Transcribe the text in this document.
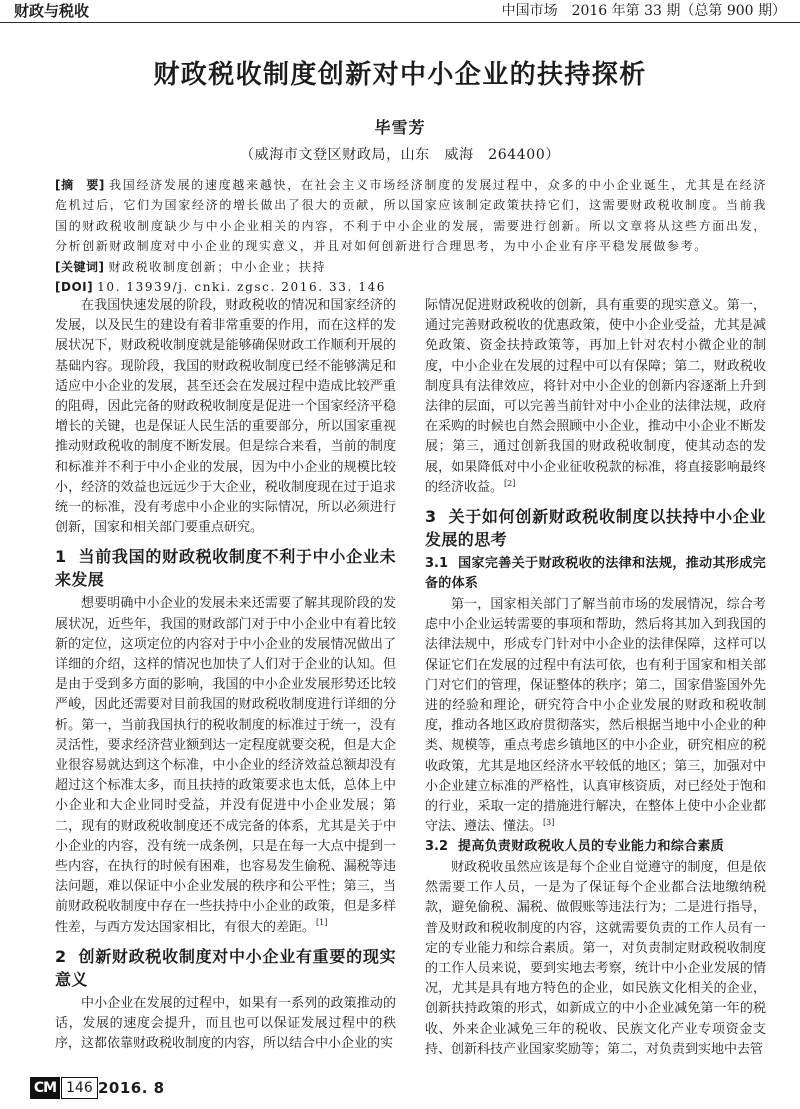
财政与税收	中国市场　2016 年第 33 期（总第 900 期）
财政税收制度创新对中小企业的扶持探析
毕雪芳
（威海市文登区财政局，山东　威海　264400）

[摘　要] 我国经济发展的速度越来越快，在社会主义市场经济制度的发展过程中，众多的中小企业诞生，尤其是在经济危机过后，它们为国家经济的增长做出了很大的贡献，所以国家应该制定政策扶持它们，这需要财政税收制度。当前我国的财政税收制度缺少与中小企业相关的内容，不利于中小企业的发展，需要进行创新。所以文章将从这些方面出发，分析创新财政制度对中小企业的现实意义，并且对如何创新进行合理思考，为中小企业有序平稳发展做参考。

[关键词] 财政税收制度创新；中小企业；扶持

[DOI] 10. 13939/j. cnki. zgsc. 2016. 33. 146

在我国快速发展的阶段，财政税收的情况和国家经济的发展，以及民生的建设有着非常重要的作用，而在这样的发展状况下，财政税收制度就是能够确保财政工作顺利开展的基础内容。现阶段，我国的财政税收制度已经不能够满足和适应中小企业的发展，甚至还会在发展过程中造成比较严重的阻碍，因此完备的财政税收制度是促进一个国家经济平稳增长的关键，也是保证人民生活的重要部分，所以国家重视推动财政税收的制度不断发展。但是综合来看，当前的制度和标准并不利于中小企业的发展，因为中小企业的规模比较小，经济的效益也远远少于大企业，税收制度现在过于追求统一的标准，没有考虑中小企业的实际情况，所以必须进行创新，国家和相关部门要重点研究。

1 当前我国的财政税收制度不利于中小企业未来发展

想要明确中小企业的发展未来还需要了解其现阶段的发展状况，近些年，我国的财政部门对于中小企业中有着比较新的定位，这项定位的内容对于中小企业的发展情况做出了详细的介绍，这样的情况也加快了人们对于企业的认知。但是由于受到多方面的影响，我国的中小企业发展形势还比较严峻，因此还需要对目前我国的财政税收制度进行详细的分析。第一，当前我国执行的税收制度的标准过于统一，没有灵活性，要求经济营业额到达一定程度就要交税，但是大企业很容易就达到这个标准，中小企业的经济效益总额却没有超过这个标准太多，而且扶持的政策要求也太低，总体上中小企业和大企业同时受益，并没有促进中小企业发展；第二，现有的财政税收制度还不成完备的体系，尤其是关于中小企业的内容，没有统一成条例，只是在每一大点中提到一些内容，在执行的时候有困难，也容易发生偷税、漏税等违法问题，难以保证中小企业发展的秩序和公平性；第三，当前财政税收制度中存在一些扶持中小企业的政策，但是多样性差，与西方发达国家相比，有很大的差距。[1]

2 创新财政税收制度对中小企业有重要的现实意义

中小企业在发展的过程中，如果有一系列的政策推动的话，发展的速度会提升，而且也可以保证发展过程中的秩序，这都依靠财政税收制度的内容，所以结合中小企业的实

际情况促进财政税收的创新，具有重要的现实意义。第一，通过完善财政税收的优惠政策，使中小企业受益，尤其是减免政策、资金扶持政策等，再加上针对农村小微企业的制度，中小企业在发展的过程中可以有保障；第二，财政税收制度具有法律效应，将针对中小企业的创新内容逐渐上升到法律的层面，可以完善当前针对中小企业的法律法规，政府在采购的时候也自然会照顾中小企业，推动中小企业不断发展；第三，通过创新我国的财政税收制度，使其动态的发展，如果降低对中小企业征收税款的标准，将直接影响最终的经济收益。[2]

3 关于如何创新财政税收制度以扶持中小企业发展的思考
3.1 国家完善关于财政税收的法律和法规，推动其形成完备的体系

第一，国家相关部门了解当前市场的发展情况，综合考虑中小企业运转需要的事项和帮助，然后将其加入到我国的法律法规中，形成专门针对中小企业的法律保障，这样可以保证它们在发展的过程中有法可依，也有利于国家和相关部门对它们的管理，保证整体的秩序；第二，国家借鉴国外先进的经验和理论，研究符合中小企业发展的财政和税收制度，推动各地区政府贯彻落实，然后根据当地中小企业的种类、规模等，重点考虑乡镇地区的中小企业，研究相应的税收政策，尤其是地区经济水平较低的地区；第三，加强对中小企业建立标准的严格性，认真审核资质，对已经处于饱和的行业，采取一定的措施进行解决，在整体上使中小企业都守法、遵法、懂法。[3]

3.2 提高负责财政税收人员的专业能力和综合素质

财政税收虽然应该是每个企业自觉遵守的制度，但是依然需要工作人员，一是为了保证每个企业都合法地缴纳税款，避免偷税、漏税、做假账等违法行为；二是进行指导，普及财政和税收制度的内容，这就需要负责的工作人员有一定的专业能力和综合素质。第一，对负责制定财政税收制度的工作人员来说，要到实地去考察，统计中小企业发展的情况，尤其是具有地方特色的企业，如民族文化相关的企业，创新扶持政策的形式，如新成立的中小企业减免第一年的税收、外来企业减免三年的税收、民族文化产业专项资金支持、创新科技产业国家奖励等；第二，对负责到实地中去管

CM 146 2016. 8
